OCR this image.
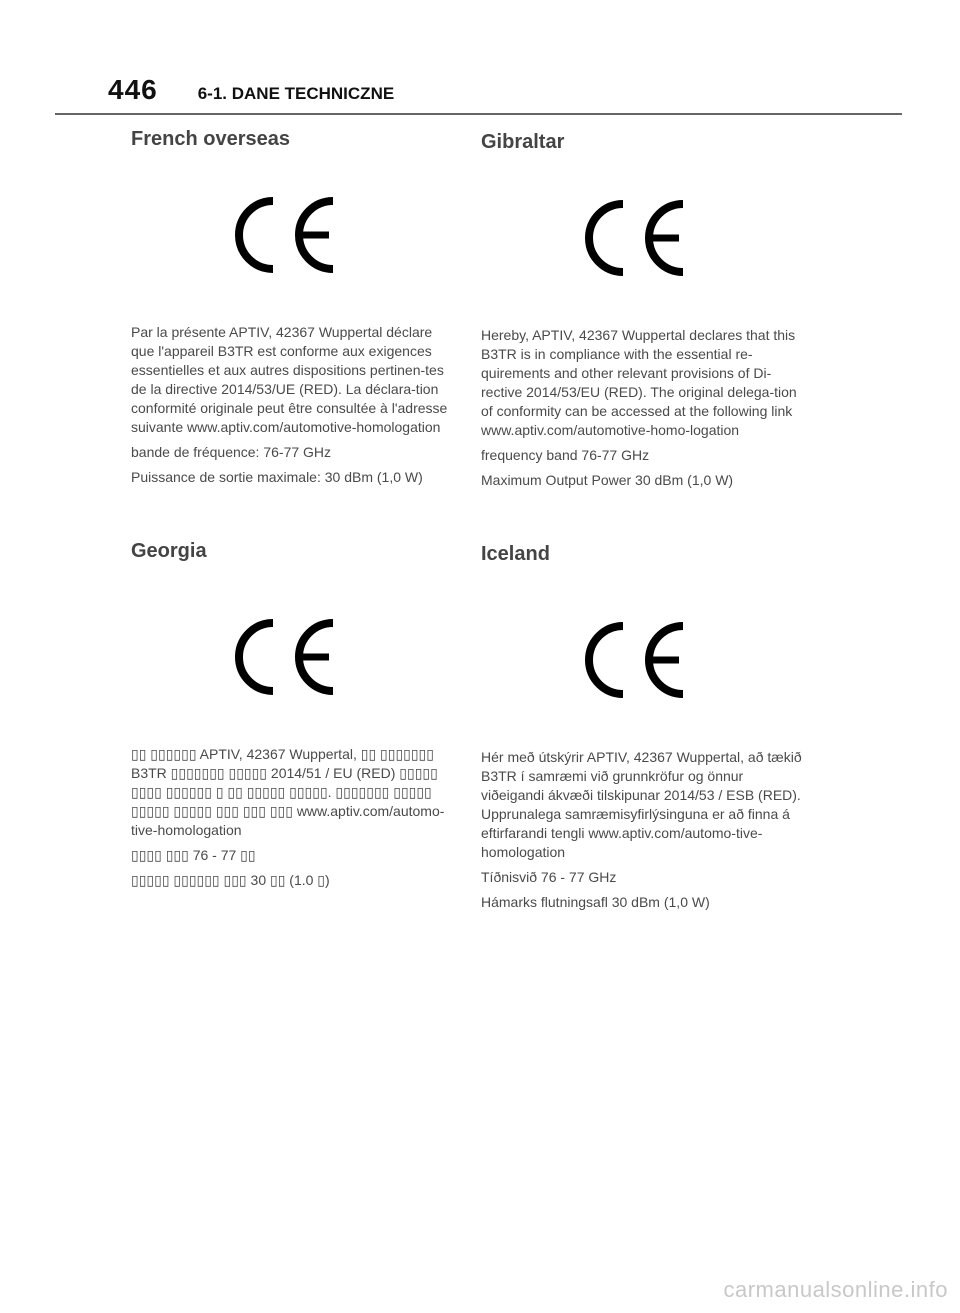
446 6-1. DANE TECHNICZNE
French overseas

Par la présente APTIV, 42367 Wuppertal déclare que l'appareil B3TR est conforme aux exigences essentielles et aux autres dispositions pertinen-tes de la directive 2014/53/UE (RED). La déclara-tion conformité originale peut être consultée à l'adresse suivante www.aptiv.com/automotive-homologation

bande de fréquence: 76-77 GHz

Puissance de sortie maximale: 30 dBm (1,0 W)

Gibraltar

Hereby, APTIV, 42367 Wuppertal declares that this B3TR is in compliance with the essential re-quirements and other relevant provisions of Di-rective 2014/53/EU (RED). The original delega-tion of conformity can be accessed at the following link www.aptiv.com/automotive-homo-logation

frequency band 76-77 GHz

Maximum Output Power 30 dBm (1,0 W)

Georgia

▯▯ ▯▯▯▯▯▯ APTIV, 42367 Wuppertal, ▯▯ ▯▯▯▯▯▯▯ B3TR ▯▯▯▯▯▯▯ ▯▯▯▯▯ 2014/51 / EU (RED) ▯▯▯▯▯ ▯▯▯▯ ▯▯▯▯▯▯ ▯ ▯▯ ▯▯▯▯▯ ▯▯▯▯▯. ▯▯▯▯▯▯▯ ▯▯▯▯▯ ▯▯▯▯▯ ▯▯▯▯▯ ▯▯▯ ▯▯▯ ▯▯▯ www.aptiv.com/automo-tive-homologation

▯▯▯▯ ▯▯▯ 76 - 77 ▯▯

▯▯▯▯▯ ▯▯▯▯▯▯ ▯▯▯ 30 ▯▯ (1.0 ▯)

Iceland

Hér með útskýrir APTIV, 42367 Wuppertal, að tækið B3TR í samræmi við grunnkröfur og önnur viðeigandi ákvæði tilskipunar 2014/53 / ESB (RED). Upprunalega samræmisyfirlýsinguna er að finna á eftirfarandi tengli www.aptiv.com/automo-tive-homologation

Tíðnisvið 76 - 77 GHz

Hámarks flutningsafl 30 dBm (1,0 W)

carmanualsonline.info
